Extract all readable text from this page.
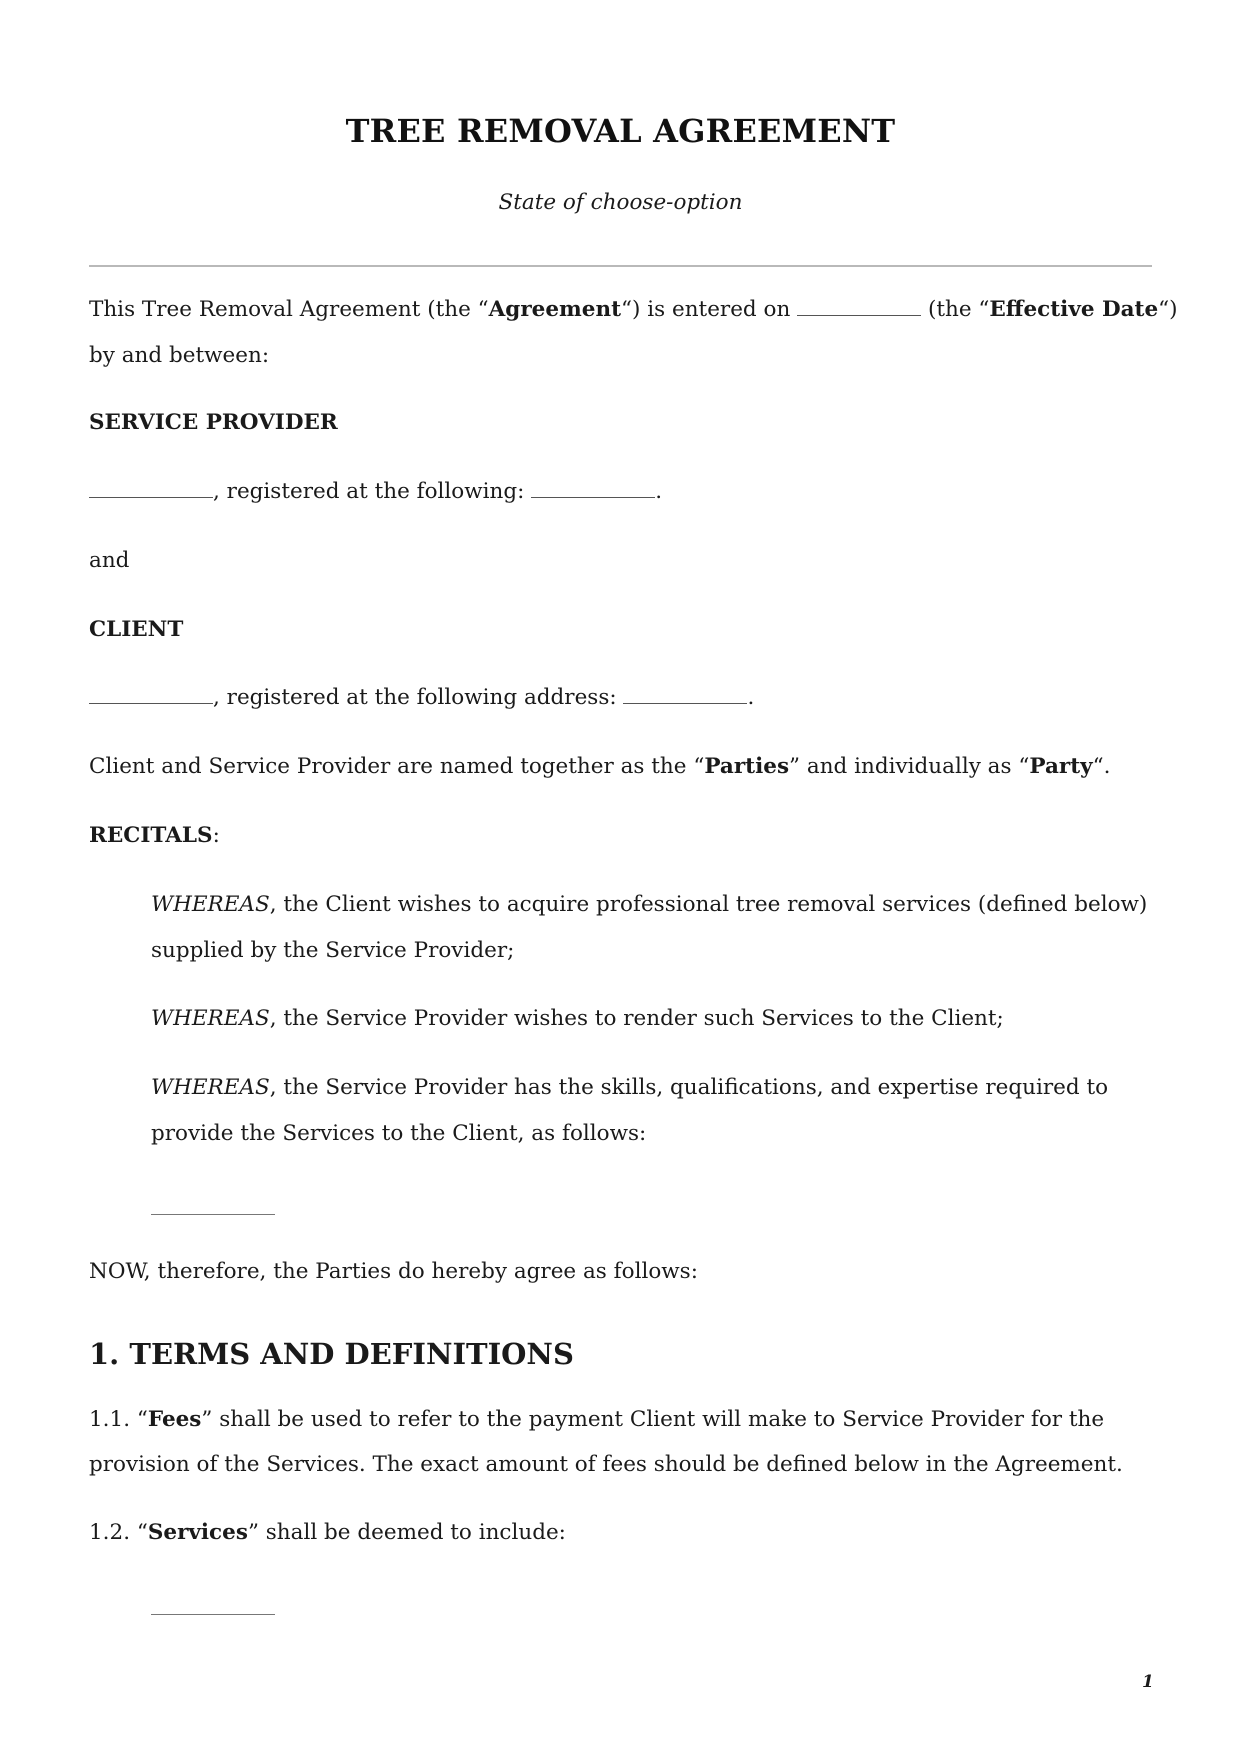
TREE REMOVAL AGREEMENT
State of choose-option
This Tree Removal Agreement (the “Agreement“) is entered on	(the “Effective Date“)
by and between:
SERVICE PROVIDER
, registered at the following:	.
and
CLIENT
, registered at the following address:	.
Client and Service Provider are named together as the “Parties” and individually as “Party“.
RECITALS:
WHEREAS, the Client wishes to acquire professional tree removal services (defined below)
supplied by the Service Provider;
WHEREAS, the Service Provider wishes to render such Services to the Client;
WHEREAS, the Service Provider has the skills, qualifications, and expertise required to
provide the Services to the Client, as follows:
NOW, therefore, the Parties do hereby agree as follows:
1. TERMS AND DEFINITIONS
1.1. “Fees” shall be used to refer to the payment Client will make to Service Provider for the
provision of the Services. The exact amount of fees should be defined below in the Agreement.
1.2. “Services” shall be deemed to include:
1
